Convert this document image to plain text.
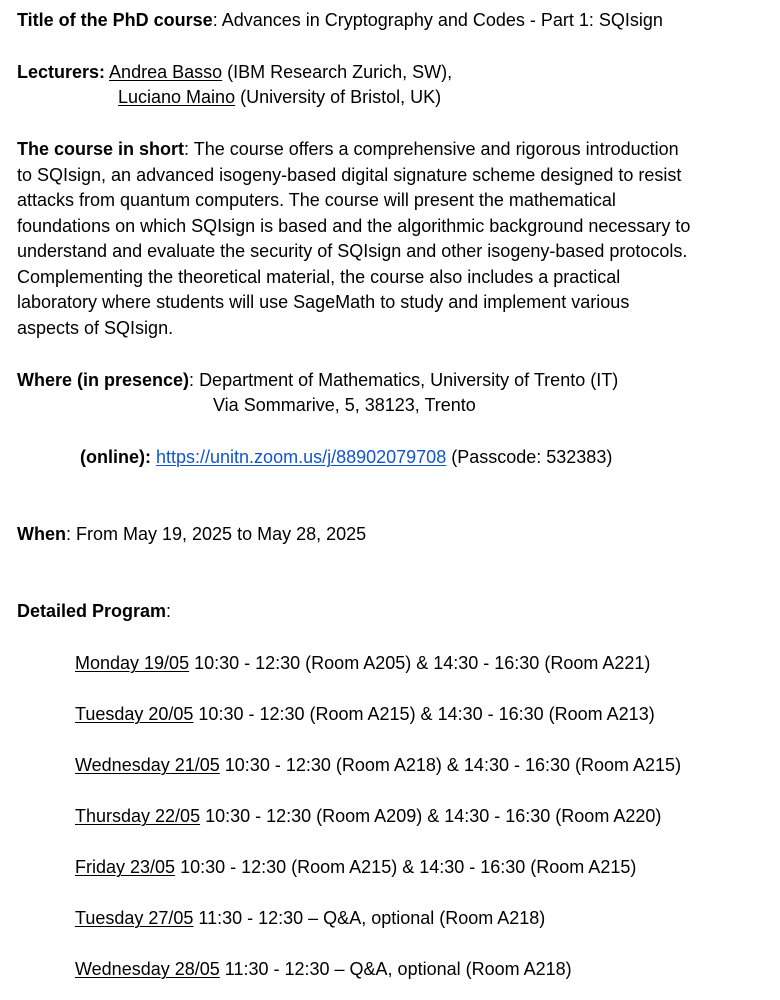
Title of the PhD course: Advances in Cryptography and Codes - Part 1: SQIsign
Lecturers: Andrea Basso (IBM Research Zurich, SW),
Luciano Maino (University of Bristol, UK)
The course in short: The course offers a comprehensive and rigorous introduction
to SQIsign, an advanced isogeny-based digital signature scheme designed to resist
attacks from quantum computers. The course will present the mathematical
foundations on which SQIsign is based and the algorithmic background necessary to
understand and evaluate the security of SQIsign and other isogeny-based protocols.
Complementing the theoretical material, the course also includes a practical
laboratory where students will use SageMath to study and implement various
aspects of SQIsign.
Where (in presence): Department of Mathematics, University of Trento (IT)
Via Sommarive, 5, 38123, Trento
(online): https://unitn.zoom.us/j/88902079708 (Passcode: 532383)
When: From May 19, 2025 to May 28, 2025
Detailed Program:
Monday 19/05 10:30 - 12:30 (Room A205) & 14:30 - 16:30 (Room A221)
Tuesday 20/05 10:30 - 12:30 (Room A215) & 14:30 - 16:30 (Room A213)
Wednesday 21/05 10:30 - 12:30 (Room A218) & 14:30 - 16:30 (Room A215)
Thursday 22/05 10:30 - 12:30 (Room A209) & 14:30 - 16:30 (Room A220)
Friday 23/05 10:30 - 12:30 (Room A215) & 14:30 - 16:30 (Room A215)
Tuesday 27/05 11:30 - 12:30 – Q&A, optional (Room A218)
Wednesday 28/05 11:30 - 12:30 – Q&A, optional (Room A218)
